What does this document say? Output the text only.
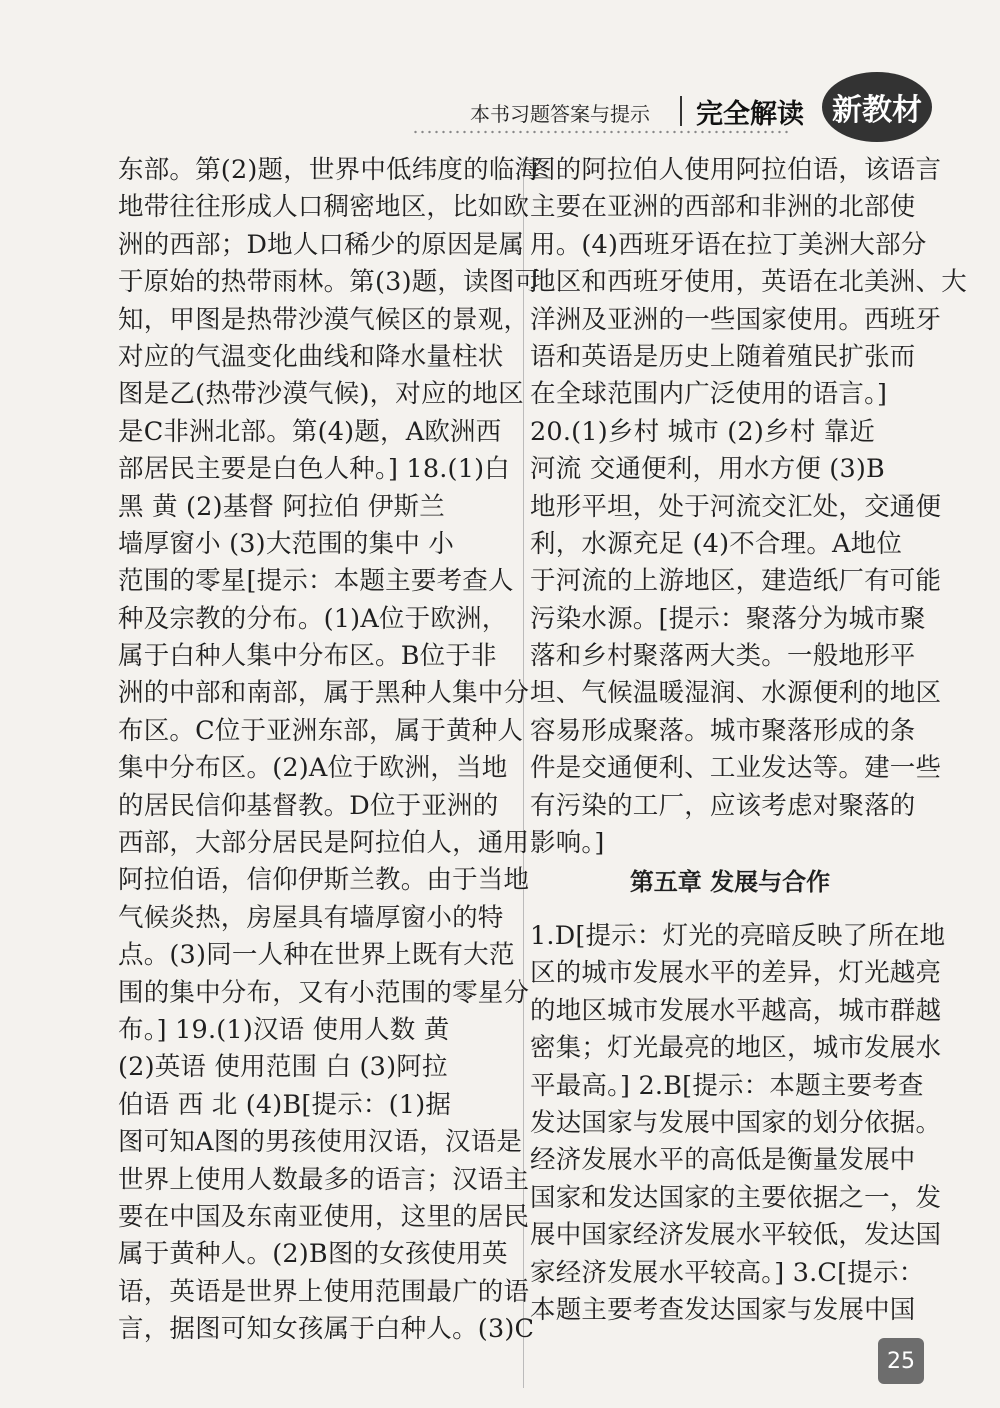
本书习题答案与提示 完全解读 新教材
东部。第(2)题，世界中低纬度的临海
地带往往形成人口稠密地区，比如欧
洲的西部；D地人口稀少的原因是属
于原始的热带雨林。第(3)题，读图可
知，甲图是热带沙漠气候区的景观，
对应的气温变化曲线和降水量柱状
图是乙(热带沙漠气候)，对应的地区
是C非洲北部。第(4)题，A欧洲西
部居民主要是白色人种。] 18.(1)白
黑 黄 (2)基督 阿拉伯 伊斯兰
墙厚窗小 (3)大范围的集中 小
范围的零星[提示：本题主要考查人
种及宗教的分布。(1)A位于欧洲，
属于白种人集中分布区。B位于非
洲的中部和南部，属于黑种人集中分
布区。C位于亚洲东部，属于黄种人
集中分布区。(2)A位于欧洲，当地
的居民信仰基督教。D位于亚洲的
西部，大部分居民是阿拉伯人，通用
阿拉伯语，信仰伊斯兰教。由于当地
气候炎热，房屋具有墙厚窗小的特
点。(3)同一人种在世界上既有大范
围的集中分布，又有小范围的零星分
布。] 19.(1)汉语 使用人数 黄
(2)英语 使用范围 白 (3)阿拉
伯语 西 北 (4)B[提示：(1)据
图可知A图的男孩使用汉语，汉语是
世界上使用人数最多的语言；汉语主
要在中国及东南亚使用，这里的居民
属于黄种人。(2)B图的女孩使用英
语，英语是世界上使用范围最广的语
言，据图可知女孩属于白种人。(3)C
图的阿拉伯人使用阿拉伯语，该语言
主要在亚洲的西部和非洲的北部使
用。(4)西班牙语在拉丁美洲大部分
地区和西班牙使用，英语在北美洲、大
洋洲及亚洲的一些国家使用。西班牙
语和英语是历史上随着殖民扩张而
在全球范围内广泛使用的语言。]
20.(1)乡村 城市 (2)乡村 靠近
河流 交通便利，用水方便 (3)B
地形平坦，处于河流交汇处，交通便
利，水源充足 (4)不合理。A地位
于河流的上游地区，建造纸厂有可能
污染水源。[提示：聚落分为城市聚
落和乡村聚落两大类。一般地形平
坦、气候温暖湿润、水源便利的地区
容易形成聚落。城市聚落形成的条
件是交通便利、工业发达等。建一些
有污染的工厂，应该考虑对聚落的
影响。]
第五章 发展与合作
1.D[提示：灯光的亮暗反映了所在地
区的城市发展水平的差异，灯光越亮
的地区城市发展水平越高，城市群越
密集；灯光最亮的地区，城市发展水
平最高。] 2.B[提示：本题主要考查
发达国家与发展中国家的划分依据。
经济发展水平的高低是衡量发展中
国家和发达国家的主要依据之一，发
展中国家经济发展水平较低，发达国
家经济发展水平较高。] 3.C[提示：
本题主要考查发达国家与发展中国
25
